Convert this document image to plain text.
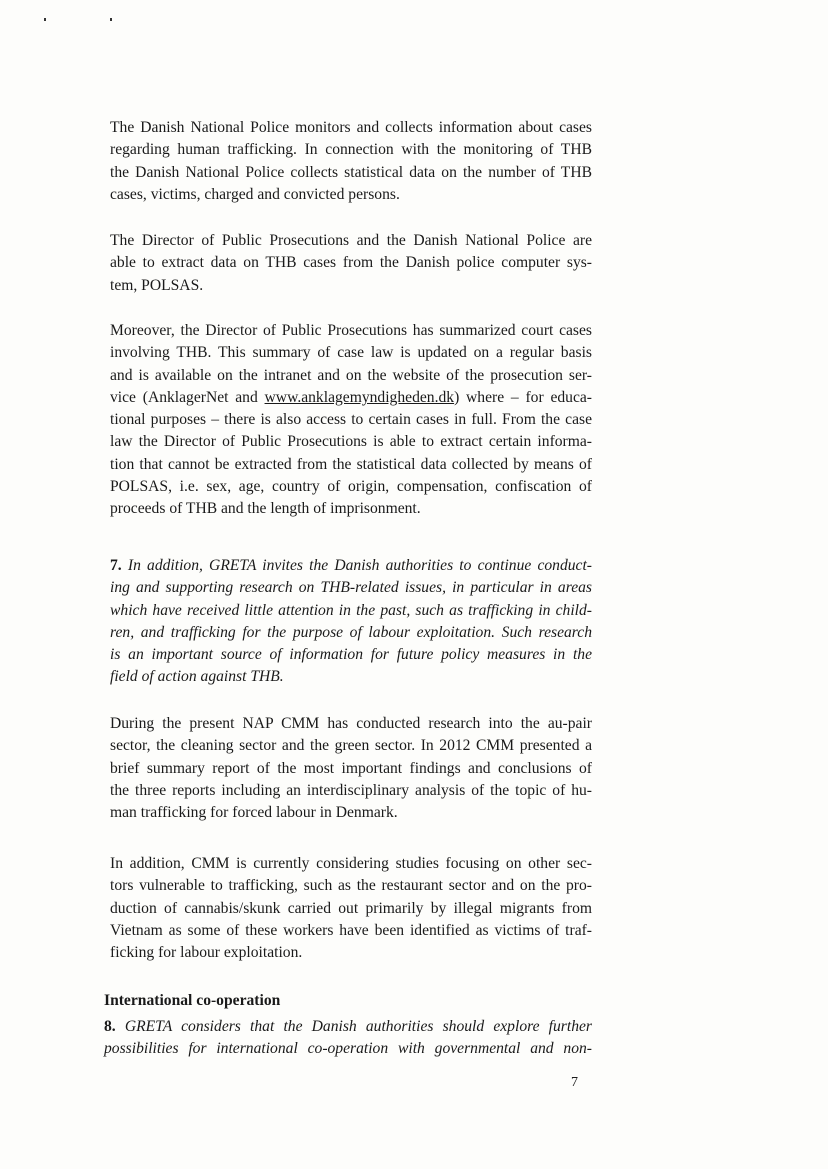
The Danish National Police monitors and collects information about cases
regarding human trafficking. In connection with the monitoring of THB
the Danish National Police collects statistical data on the number of THB
cases, victims, charged and convicted persons.

The Director of Public Prosecutions and the Danish National Police are
able to extract data on THB cases from the Danish police computer sys-
tem, POLSAS.

Moreover, the Director of Public Prosecutions has summarized court cases
involving THB. This summary of case law is updated on a regular basis
and is available on the intranet and on the website of the prosecution ser-
vice (AnklagerNet and www.anklagemyndigheden.dk) where – for educa-
tional purposes – there is also access to certain cases in full. From the case
law the Director of Public Prosecutions is able to extract certain informa-
tion that cannot be extracted from the statistical data collected by means of
POLSAS, i.e. sex, age, country of origin, compensation, confiscation of
proceeds of THB and the length of imprisonment.

7. In addition, GRETA invites the Danish authorities to continue conduct-
ing and supporting research on THB-related issues, in particular in areas
which have received little attention in the past, such as trafficking in child-
ren, and trafficking for the purpose of labour exploitation. Such research
is an important source of information for future policy measures in the
field of action against THB.

During the present NAP CMM has conducted research into the au-pair
sector, the cleaning sector and the green sector. In 2012 CMM presented a
brief summary report of the most important findings and conclusions of
the three reports including an interdisciplinary analysis of the topic of hu-
man trafficking for forced labour in Denmark.

In addition, CMM is currently considering studies focusing on other sec-
tors vulnerable to trafficking, such as the restaurant sector and on the pro-
duction of cannabis/skunk carried out primarily by illegal migrants from
Vietnam as some of these workers have been identified as victims of traf-
ficking for labour exploitation.

International co-operation

8. GRETA considers that the Danish authorities should explore further
possibilities for international co-operation with governmental and non-

7
